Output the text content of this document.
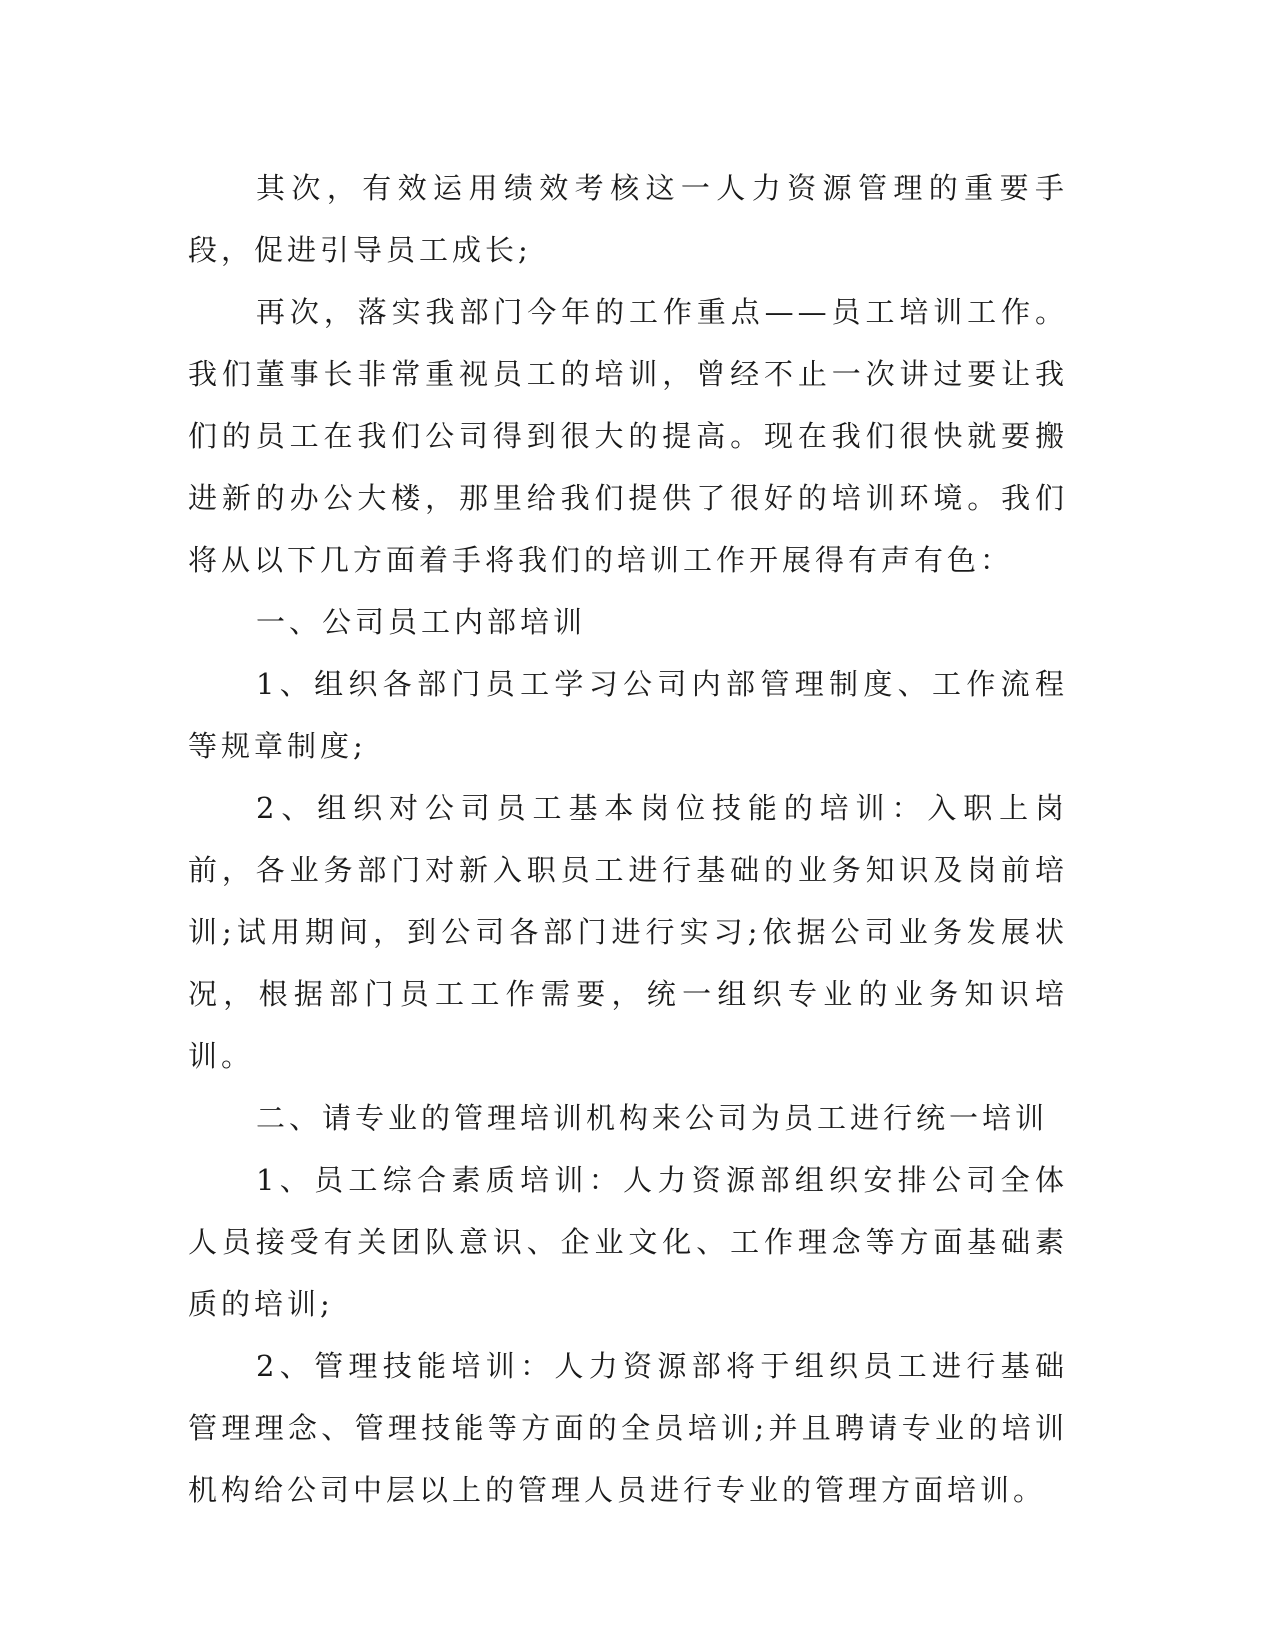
其次，有效运用绩效考核这一人力资源管理的重要手段，促进引导员工成长;

再次，落实我部门今年的工作重点——员工培训工作。我们董事长非常重视员工的培训，曾经不止一次讲过要让我们的员工在我们公司得到很大的提高。现在我们很快就要搬进新的办公大楼，那里给我们提供了很好的培训环境。我们将从以下几方面着手将我们的培训工作开展得有声有色：

一、公司员工内部培训

1、组织各部门员工学习公司内部管理制度、工作流程等规章制度;

2、组织对公司员工基本岗位技能的培训：入职上岗前，各业务部门对新入职员工进行基础的业务知识及岗前培训;试用期间，到公司各部门进行实习;依据公司业务发展状况，根据部门员工工作需要，统一组织专业的业务知识培训。

二、请专业的管理培训机构来公司为员工进行统一培训

1、员工综合素质培训：人力资源部组织安排公司全体人员接受有关团队意识、企业文化、工作理念等方面基础素质的培训;

2、管理技能培训：人力资源部将于组织员工进行基础管理理念、管理技能等方面的全员培训;并且聘请专业的培训机构给公司中层以上的管理人员进行专业的管理方面培训。
